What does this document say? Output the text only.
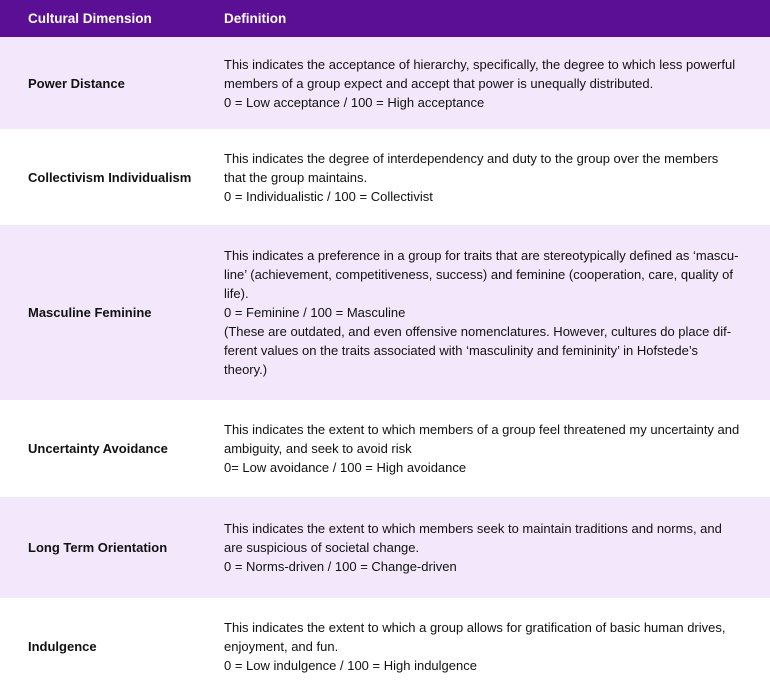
Cultural Dimension	Definition
Power Distance
This indicates the acceptance of hierarchy, specifically, the degree to which less powerful
members of a group expect and accept that power is unequally distributed.
0 = Low acceptance / 100 = High acceptance
Collectivism Individualism
This indicates the degree of interdependency and duty to the group over the members
that the group maintains.
0 = Individualistic / 100 = Collectivist
Masculine Feminine
This indicates a preference in a group for traits that are stereotypically defined as ‘mascu-
line’ (achievement, competitiveness, success) and feminine (cooperation, care, quality of
life).
0 = Feminine / 100 = Masculine
(These are outdated, and even offensive nomenclatures. However, cultures do place dif-
ferent values on the traits associated with ‘masculinity and femininity’ in Hofstede’s
theory.)
Uncertainty Avoidance
This indicates the extent to which members of a group feel threatened my uncertainty and
ambiguity, and seek to avoid risk
0= Low avoidance / 100 = High avoidance
Long Term Orientation
This indicates the extent to which members seek to maintain traditions and norms, and
are suspicious of societal change.
0 = Norms-driven / 100 = Change-driven
Indulgence
This indicates the extent to which a group allows for gratification of basic human drives,
enjoyment, and fun.
0 = Low indulgence / 100 = High indulgence
